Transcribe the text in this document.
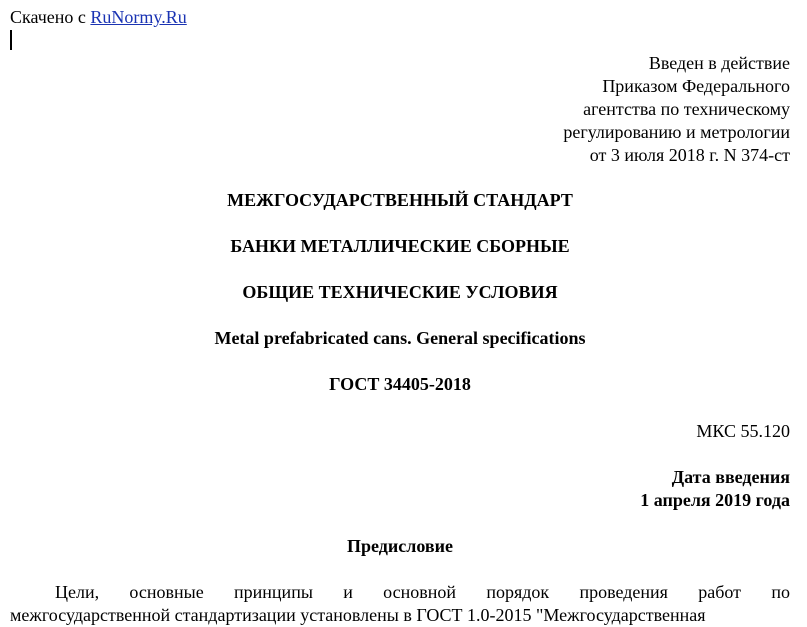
Скачено с RuNormy.Ru
Введен в действие
Приказом Федерального
агентства по техническому
регулированию и метрологии
от 3 июля 2018 г. N 374-ст
МЕЖГОСУДАРСТВЕННЫЙ СТАНДАРТ
БАНКИ МЕТАЛЛИЧЕСКИЕ СБОРНЫЕ
ОБЩИЕ ТЕХНИЧЕСКИЕ УСЛОВИЯ
Metal prefabricated cans. General specifications
ГОСТ 34405-2018
МКС 55.120
Дата введения
1 апреля 2019 года
Предисловие
Цели, основные принципы и основной порядок проведения работ по
межгосударственной стандартизации установлены в ГОСТ 1.0-2015 "Межгосударственная
